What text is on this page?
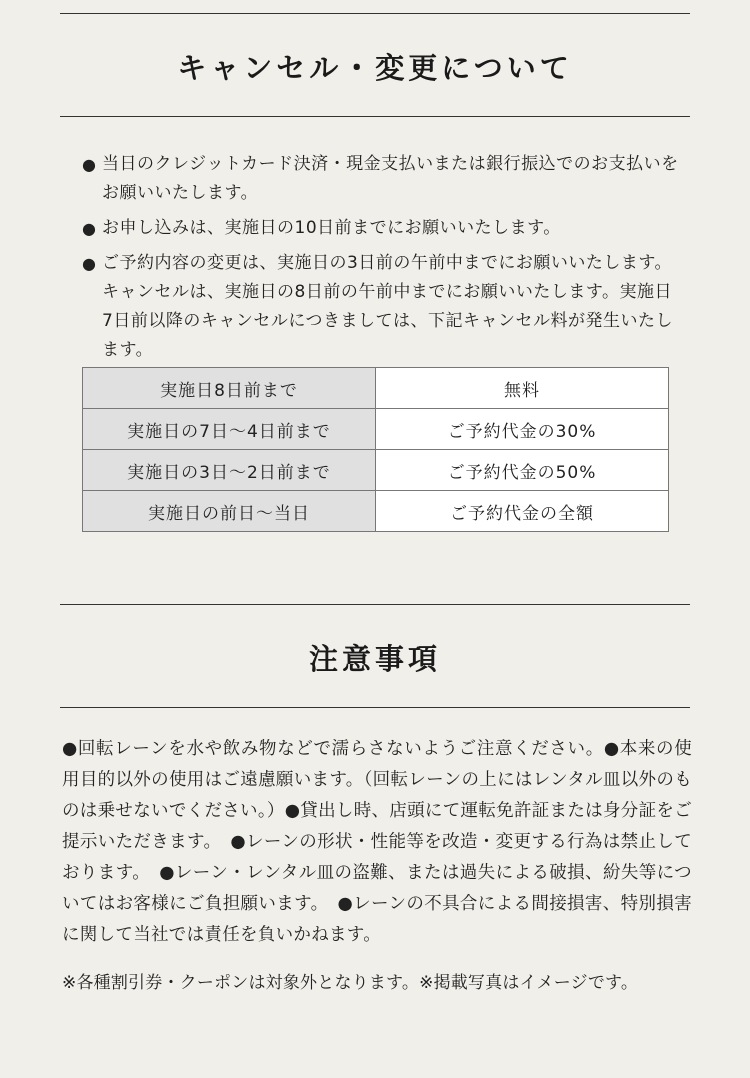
キャンセル・変更について
● 当日のクレジットカード決済・現金支払いまたは銀行振込でのお支払いをお願いいたします。
● お申し込みは、実施日の10日前までにお願いいたします。
● ご予約内容の変更は、実施日の3日前の午前中までにお願いいたします。キャンセルは、実施日の8日前の午前中までにお願いいたします。実施日7日前以降のキャンセルにつきましては、下記キャンセル料が発生いたします。
実施日8日前まで	無料
実施日の7日～4日前まで	ご予約代金の30%
実施日の3日～2日前まで	ご予約代金の50%
実施日の前日～当日	ご予約代金の全額
注意事項
●回転レーンを水や飲み物などで濡らさないようご注意ください。●本来の使用目的以外の使用はご遠慮願います。（回転レーンの上にはレンタル皿以外のものは乗せないでください。）●貸出し時、店頭にて運転免許証または身分証をご提示いただきます。　●レーンの形状・性能等を改造・変更する行為は禁止しております。　●レーン・レンタル皿の盗難、または過失による破損、紛失等についてはお客様にご負担願います。　●レーンの不具合による間接損害、特別損害に関して当社では責任を負いかねます。
※各種割引券・クーポンは対象外となります。※掲載写真はイメージです。
